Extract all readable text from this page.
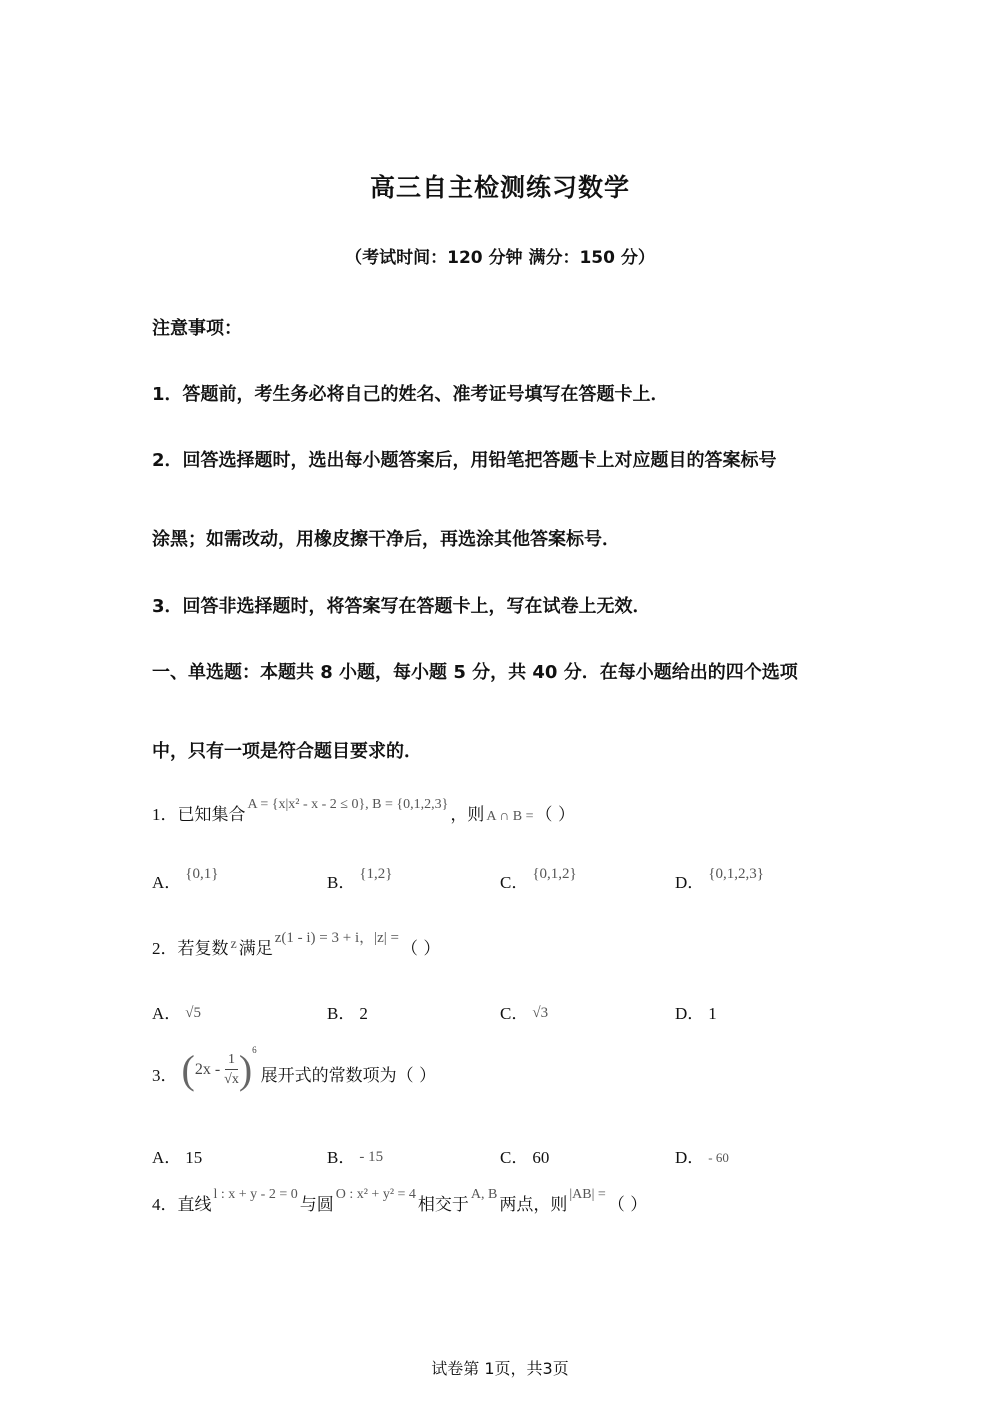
高三自主检测练习数学
（考试时间：120 分钟 满分：150 分）
注意事项：
1．答题前，考生务必将自己的姓名、准考证号填写在答题卡上．
2．回答选择题时，选出每小题答案后，用铅笔把答题卡上对应题目的答案标号
涂黑；如需改动，用橡皮擦干净后，再选涂其他答案标号．
3．回答非选择题时，将答案写在答题卡上，写在试卷上无效．
一、单选题：本题共 8 小题，每小题 5 分，共 40 分．在每小题给出的四个选项
中，只有一项是符合题目要求的．
1． 已知集合
A = {x|x² - x - 2 ≤ 0}, B = {0,1,2,3}
，则 A ∩ B = （ ）
A． {0,1}	B． {1,2}	C． {0,1,2}	D． {0,1,2,3}
2． 若复数 z 满足
z(1 - i) = 3 + i，|z| =
（ ）
A． √5	B． 2	C． √3	D． 1
3． ( $2x - \frac{1}{√x}$ ) 6
展开式的常数项为（ ）
A． 15	B． - 15	C． 60	D． - 60
4． 直线
l : x + y - 2 = 0
与圆
O : x² + y² = 4
相交于
A, B
两点，则
|AB| =
（ ）
试卷第 1页，共3页
